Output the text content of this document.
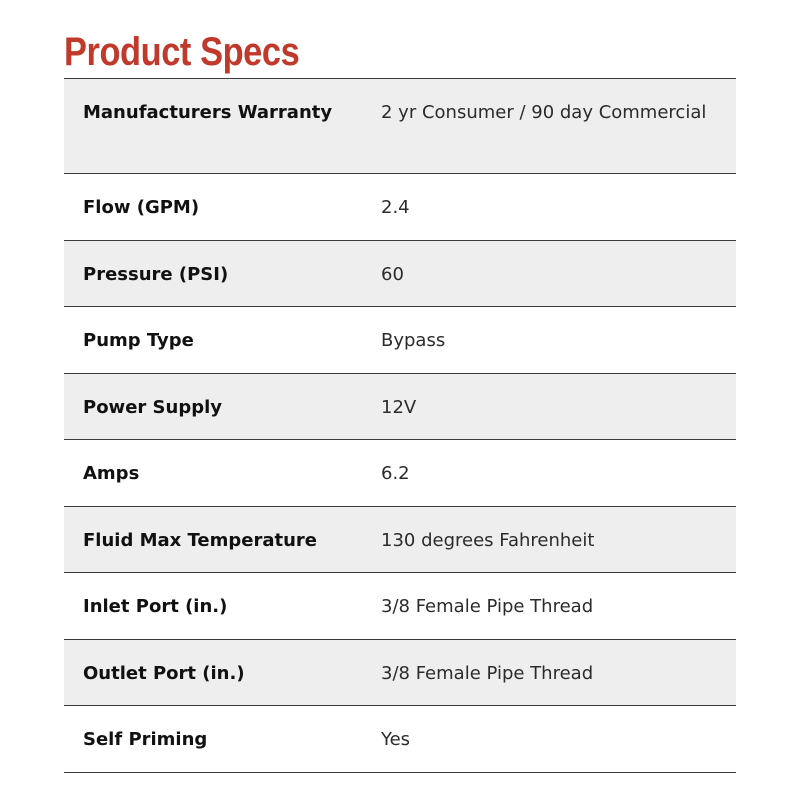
Product Specs
Manufacturers Warranty	2 yr Consumer / 90 day Commercial
Flow (GPM)	2.4
Pressure (PSI)	60
Pump Type	Bypass
Power Supply	12V
Amps	6.2
Fluid Max Temperature	130 degrees Fahrenheit
Inlet Port (in.)	3/8 Female Pipe Thread
Outlet Port (in.)	3/8 Female Pipe Thread
Self Priming	Yes
